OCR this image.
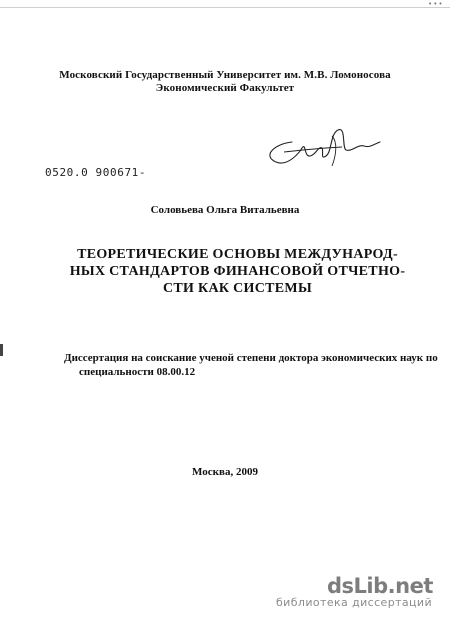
•••
Московский Государственный Университет им. М.В. Ломоносова
Экономический Факультет
0520.0 900671-
Соловьева Ольга Витальевна
ТЕОРЕТИЧЕСКИЕ ОСНОВЫ МЕЖДУНАРОД-
НЫХ СТАНДАРТОВ ФИНАНСОВОЙ ОТЧЕТНО-
СТИ КАК СИСТЕМЫ
Диссертация на соискание ученой степени доктора экономических наук по
специальности 08.00.12
Москва, 2009
dsLib.net
библиотека диссертаций
